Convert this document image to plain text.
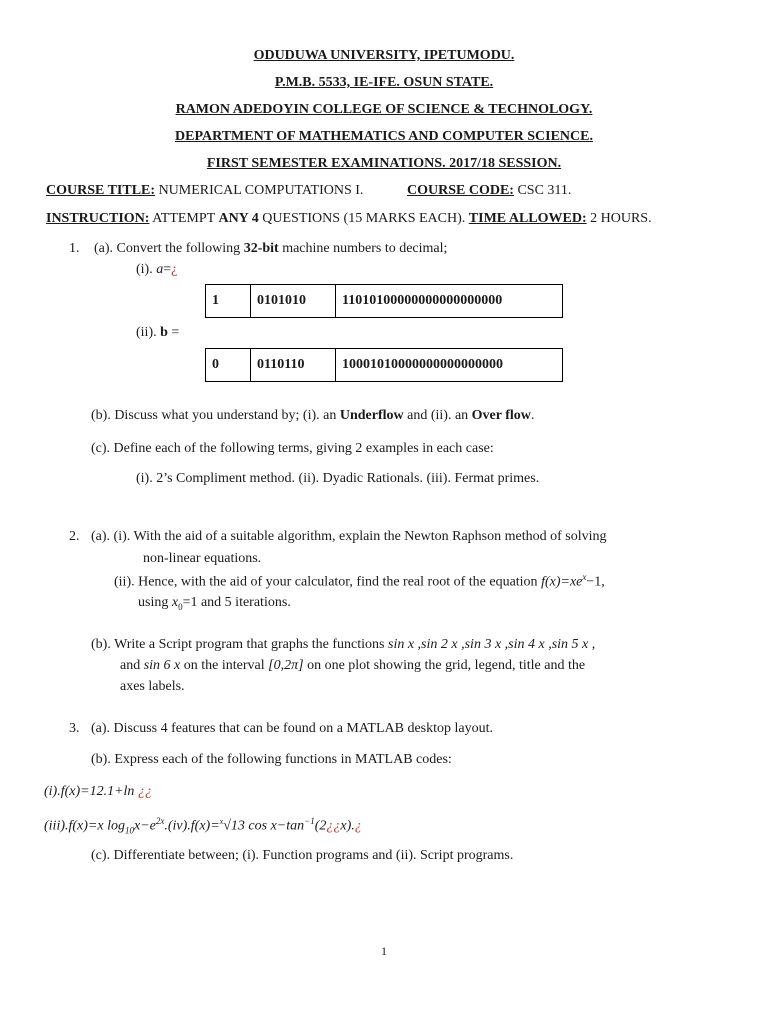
ODUDUWA UNIVERSITY, IPETUMODU.
P.M.B. 5533, IE-IFE. OSUN STATE.
RAMON ADEDOYIN COLLEGE OF SCIENCE & TECHNOLOGY.
DEPARTMENT OF MATHEMATICS AND COMPUTER SCIENCE.
FIRST SEMESTER EXAMINATIONS. 2017/18 SESSION.
COURSE TITLE: NUMERICAL COMPUTATIONS I.	COURSE CODE: CSC 311.
INSTRUCTION: ATTEMPT ANY 4 QUESTIONS (15 MARKS EACH). TIME ALLOWED: 2 HOURS.
1. (a). Convert the following 32-bit machine numbers to decimal;
(i). a=¿
1	0101010	11010100000000000000000
(ii). b =
0	0110110	10001010000000000000000
(b). Discuss what you understand by; (i). an Underflow and (ii). an Over flow.
(c). Define each of the following terms, giving 2 examples in each case:
(i). 2’s Compliment method. (ii). Dyadic Rationals. (iii). Fermat primes.
2. (a). (i). With the aid of a suitable algorithm, explain the Newton Raphson method of solving
non-linear equations.
(ii). Hence, with the aid of your calculator, find the real root of the equation $f(x)=xe^x-1$,
using $x_0=1$ and 5 iterations.
(b). Write a Script program that graphs the functions sin x ,sin 2 x ,sin 3 x ,sin 4 x ,sin 5 x ,
and sin 6 x on the interval [0,2π] on one plot showing the grid, legend, title and the
axes labels.
3. (a). Discuss 4 features that can be found on a MATLAB desktop layout.
(b). Express each of the following functions in MATLAB codes:
(i).f(x)=12.1+ln ¿¿
(iii).f(x)=x $\log_{10}x-e^{2x}.(iv).f(x)=^x√13$ $\cos x-\tan^{-1}(2¿¿x).¿$
(c). Differentiate between; (i). Function programs and (ii). Script programs.
1
